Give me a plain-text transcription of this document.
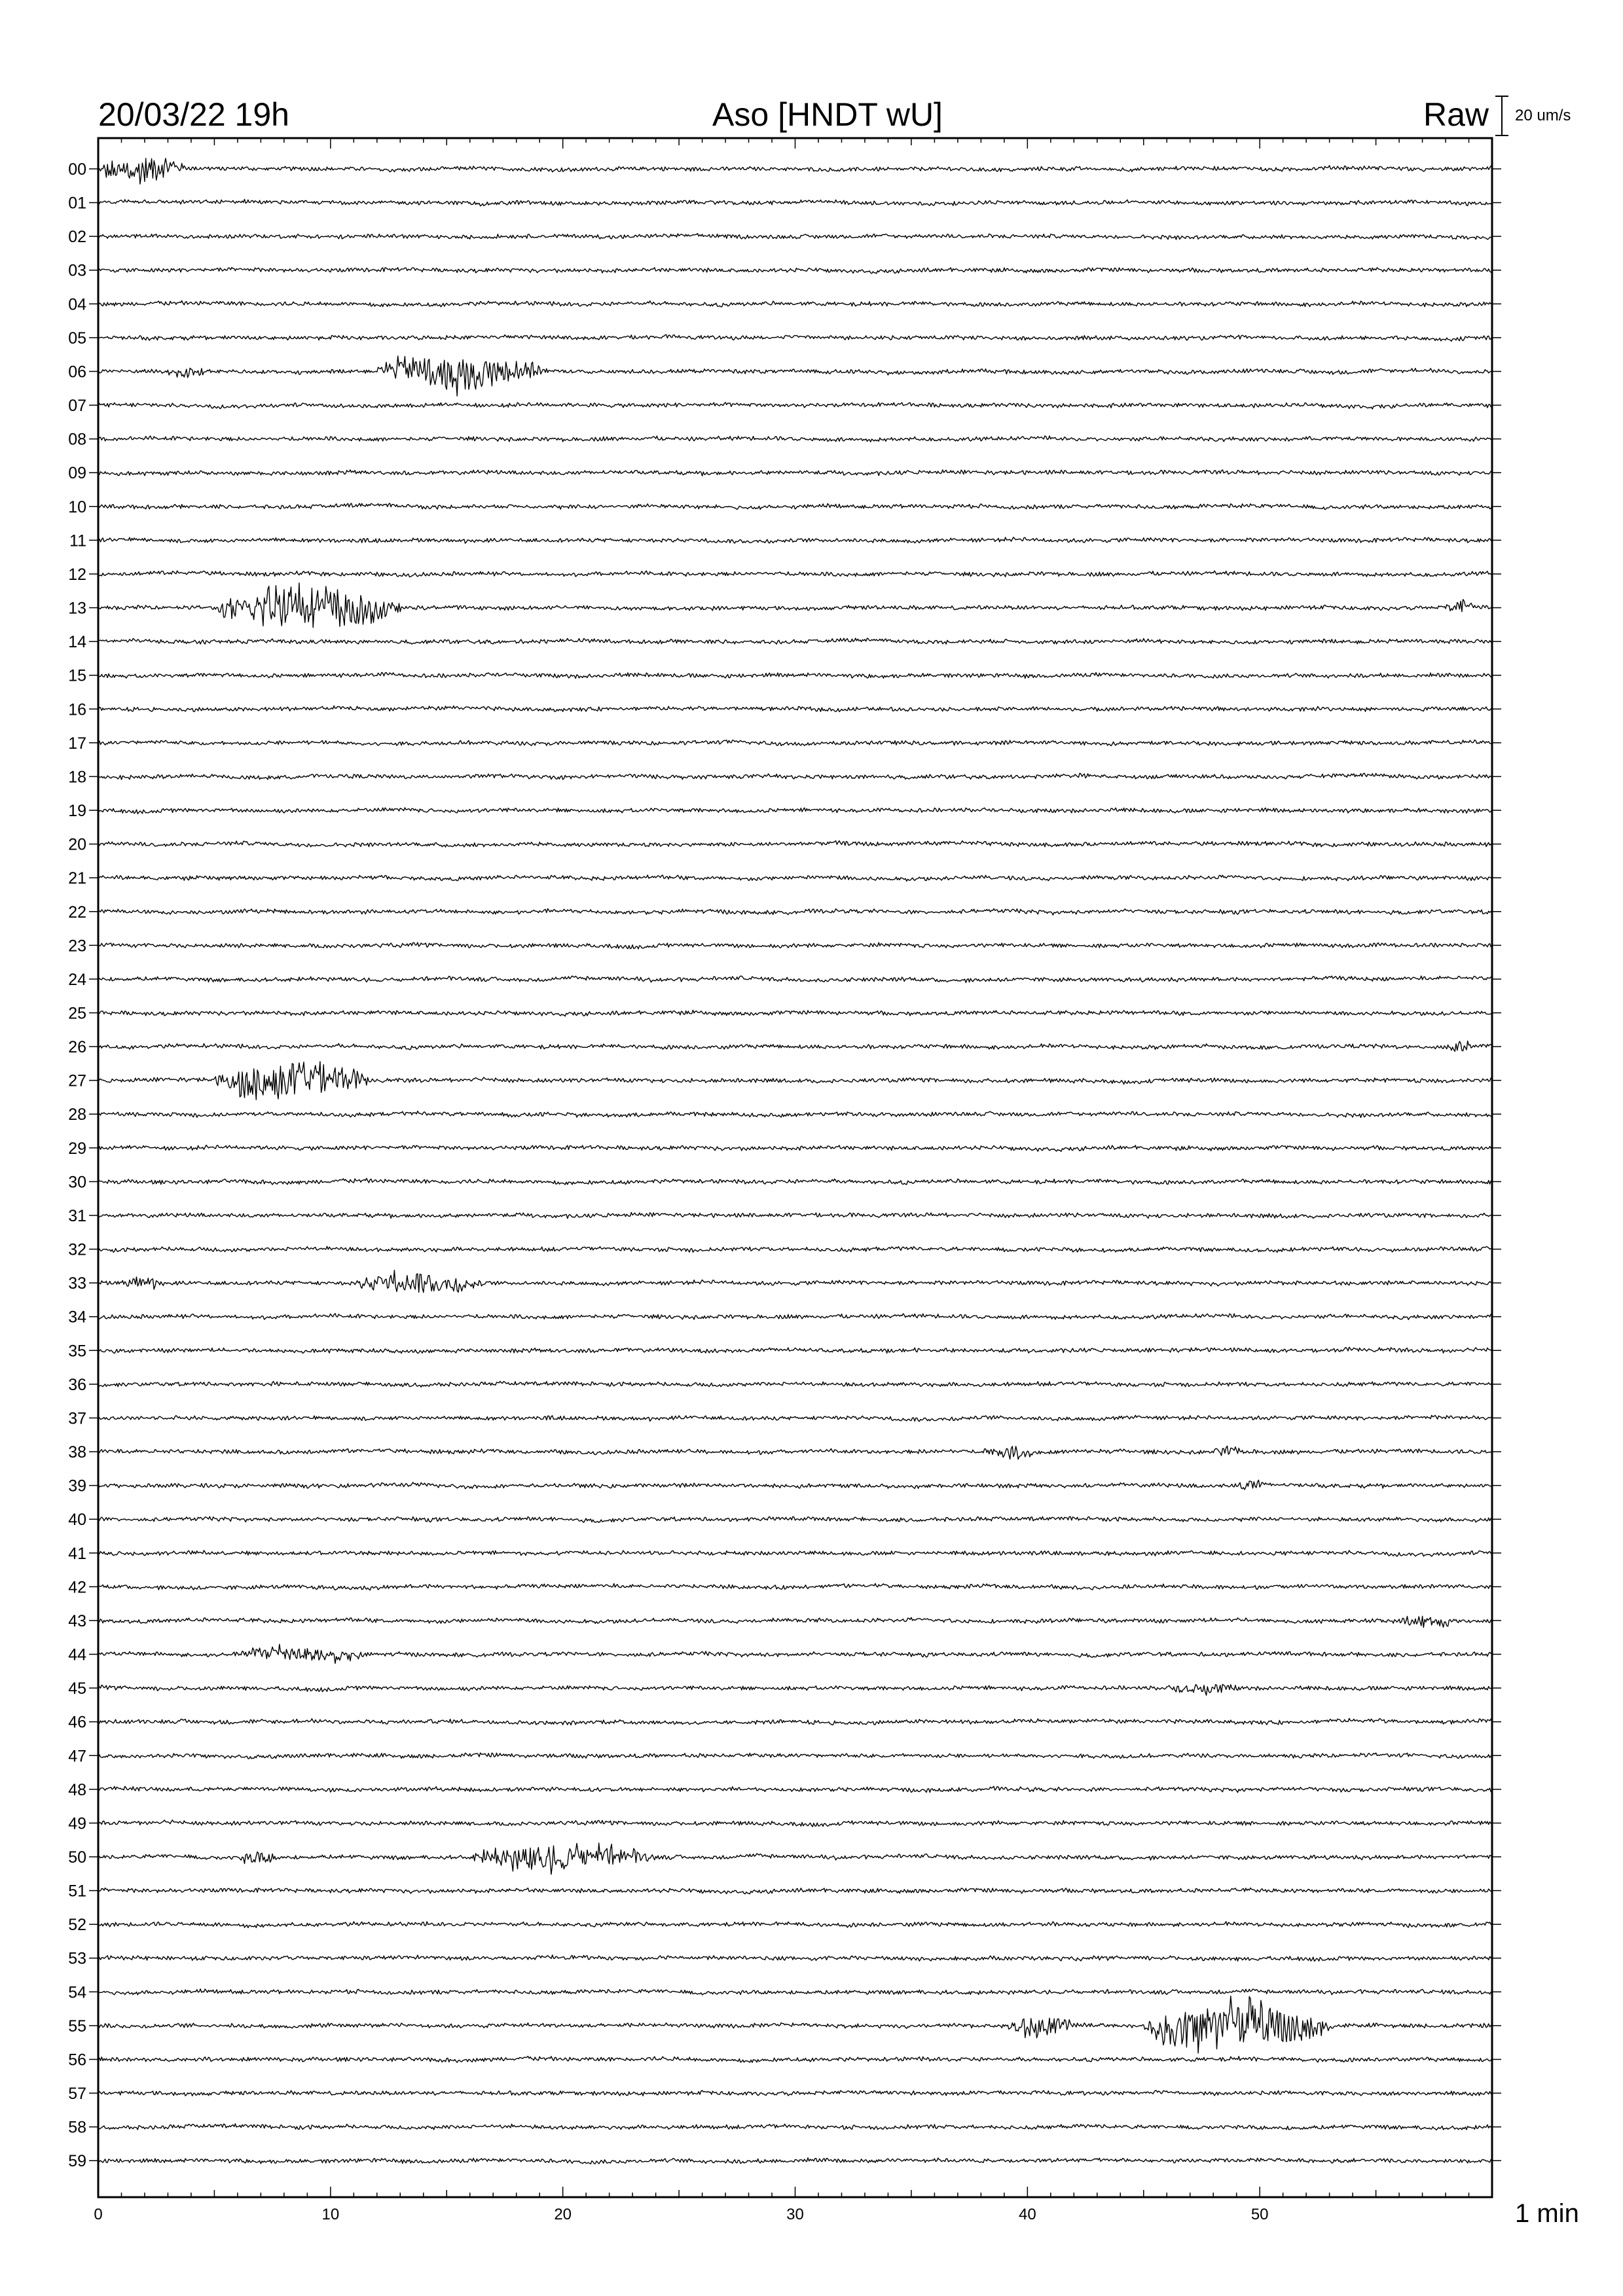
20/03/22 19h	Aso [HNDT wU]	Raw 20 um/s
00
01
02
03
04
05
06
07
08
09
10
11
12
13
14
15
16
17
18
19
20
21
22
23
24
25
26
27
28
29
30
31
32
33
34
35
36
37
38
39
40
41
42
43
44
45
46
47
48
49
50
51
52
53
54
55
56
57
58
59
0	10	20	30	40	50	1 min
